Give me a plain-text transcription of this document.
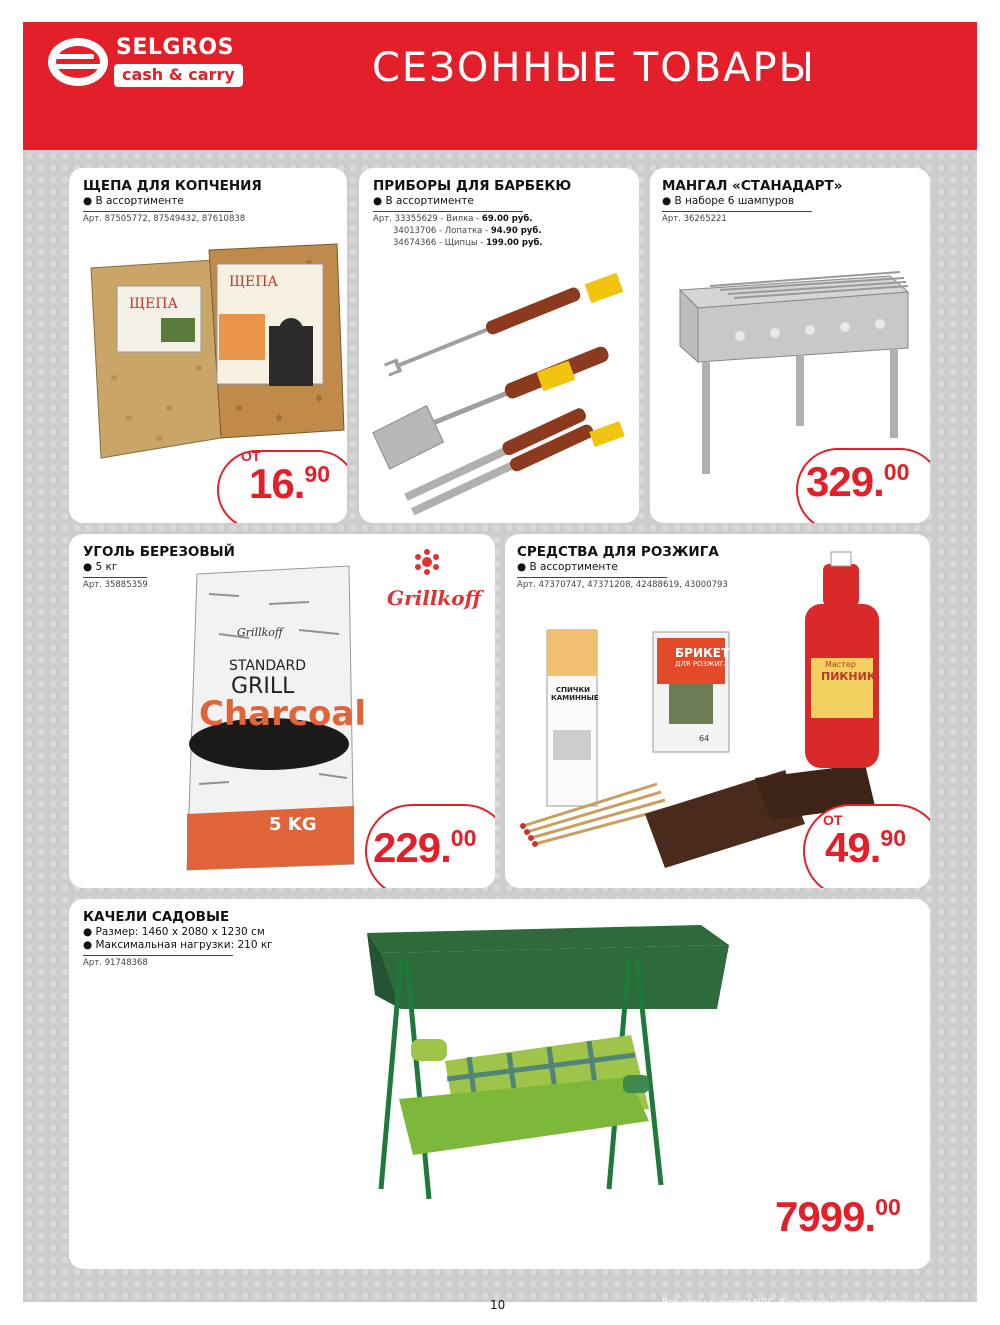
SELGROS
cash & carry	СЕЗОННЫЕ ТОВАРЫ
ЩЕПА ДЛЯ КОПЧЕНИЯ
● В ассортименте
Арт. 87505772, 87549432, 87610838
ЩЕПА
ЩЕПА
ОТ
16.90
ПРИБОРЫ ДЛЯ БАРБЕКЮ
● В ассортименте
Арт. 33355629 - Вилка - 69.00 руб.
34013706 - Лопатка - 94.90 руб.
34674366 - Щипцы - 199.00 руб.
МАНГАЛ «СТАНАДАРТ»
● В наборе 6 шампуров
Арт. 36265221
329.00
УГОЛЬ БЕРЕЗОВЫЙ
● 5 кг
Арт. 35885359
Grillkoff
Grillkoff
STANDARD
GRILL
Charcoal
5 KG 229.00
СРЕДСТВА ДЛЯ РОЗЖИГА
● В ассортименте
Арт. 47370747, 47371208, 42488619, 43000793
СПИЧКИ КАМИННЫЕ
БРИКЕТЫ
ДЛЯ РОЗЖИГА
64
Мастер
ПИКНИК
ОТ
49.90
КАЧЕЛИ САДОВЫЕ
● Размер: 1460 x 2080 x 1230 см
● Максимальная нагрузки: 210 кг
Арт. 91748368
7999.00
10	Все цены с учетом НДС. Все товары сертифицированы
